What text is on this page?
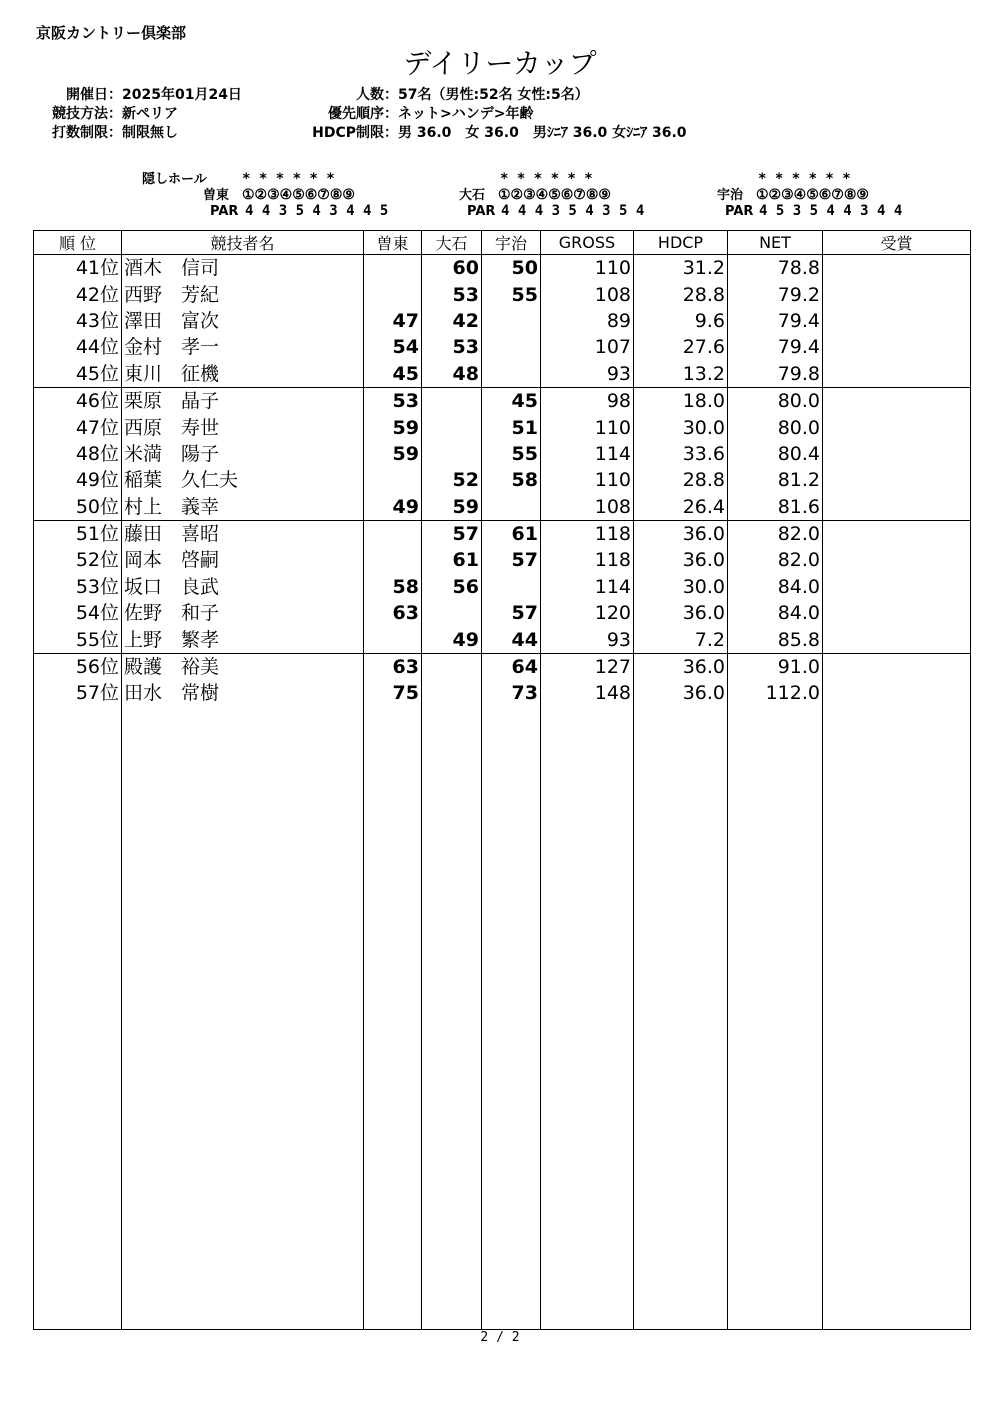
京阪カントリー倶楽部
デイリーカップ
開催日：2025年01月24日
競技方法：新ペリア
打数制限：制限無し
人数：57名（男性:52名 女性:5名）
優先順序：ネット>ハンデ>年齢
HDCP制限：男 36.0　女 36.0　男ｼﾆｱ 36.0 女ｼﾆｱ 36.0
隠しホール	* * * * * *
曽東 ①②③④⑤⑥⑦⑧⑨
PAR 4 4 3 5 4 3 4 4 5
* * * * * *
大石 ①②③④⑤⑥⑦⑧⑨
PAR 4 4 4 3 5 4 3 5 4
* * * * * *
宇治 ①②③④⑤⑥⑦⑧⑨
PAR 4 5 3 5 4 4 3 4 4
順 位	競技者名	曽東	大石	宇治	GROSS	HDCP	NET	受賞
41位	酒木　信司		60	50	110	31.2	78.8	
42位	西野　芳紀		53	55	108	28.8	79.2	
43位	澤田　富次	47	42		89	9.6	79.4	
44位	金村　孝一	54	53		107	27.6	79.4	
45位	東川　征機	45	48		93	13.2	79.8	
46位	栗原　晶子	53		45	98	18.0	80.0	
47位	西原　寿世	59		51	110	30.0	80.0	
48位	米満　陽子	59		55	114	33.6	80.4	
49位	稲葉　久仁夫		52	58	110	28.8	81.2	
50位	村上　義幸	49	59		108	26.4	81.6	
51位	藤田　喜昭		57	61	118	36.0	82.0	
52位	岡本　啓嗣		61	57	118	36.0	82.0	
53位	坂口　良武	58	56		114	30.0	84.0	
54位	佐野　和子	63		57	120	36.0	84.0	
55位	上野　繁孝		49	44	93	7.2	85.8	
56位	殿護　裕美	63		64	127	36.0	91.0	
57位	田水　常樹	75		73	148	36.0	112.0	

2 / 2
